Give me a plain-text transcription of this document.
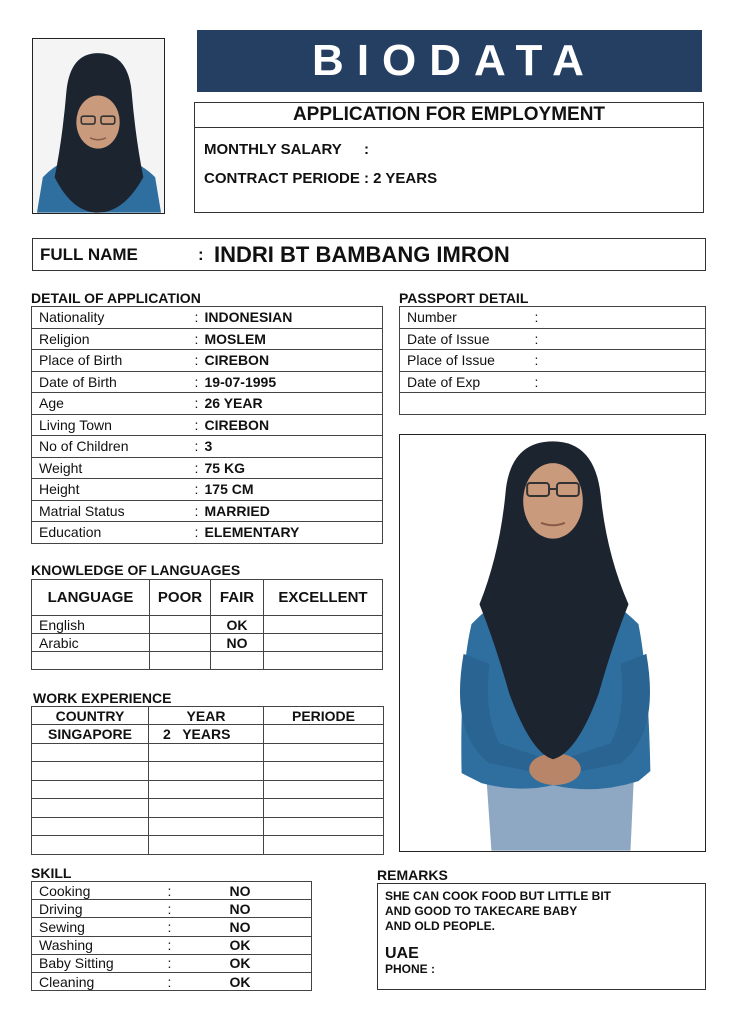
BIODATA
APPLICATION FOR EMPLOYMENT
MONTHLY SALARY :
CONTRACT PERIODE : 2 YEARS
FULL NAME	: INDRI BT BAMBANG IMRON
DETAIL OF APPLICATION
Nationality	:	INDONESIAN
Religion	:	MOSLEM
Place of Birth	:	CIREBON
Date of Birth	:	19-07-1995
Age	:	26 YEAR
Living Town	:	CIREBON
No of Children	:	3
Weight	:	75 KG
Height	:	175 CM
Matrial Status	:	MARRIED
Education	:	ELEMENTARY
PASSPORT DETAIL
Number	:
Date of Issue	:
Place of Issue	:
Date of Exp	:

KNOWLEDGE OF LANGUAGES
LANGUAGE	POOR	FAIR	EXCELLENT
English		OK	
Arabic		NO	

WORK EXPERIENCE
COUNTRY	YEAR	PERIODE
SINGAPORE	2   YEARS	

SKILL
Cooking	:	NO
Driving	:	NO
Sewing	:	NO
Washing	:	OK
Baby Sitting	:	OK
Cleaning	:	OK
REMARKS
SHE CAN COOK FOOD BUT LITTLE BIT
AND GOOD TO TAKECARE BABY
AND OLD PEOPLE.
UAE
PHONE :
